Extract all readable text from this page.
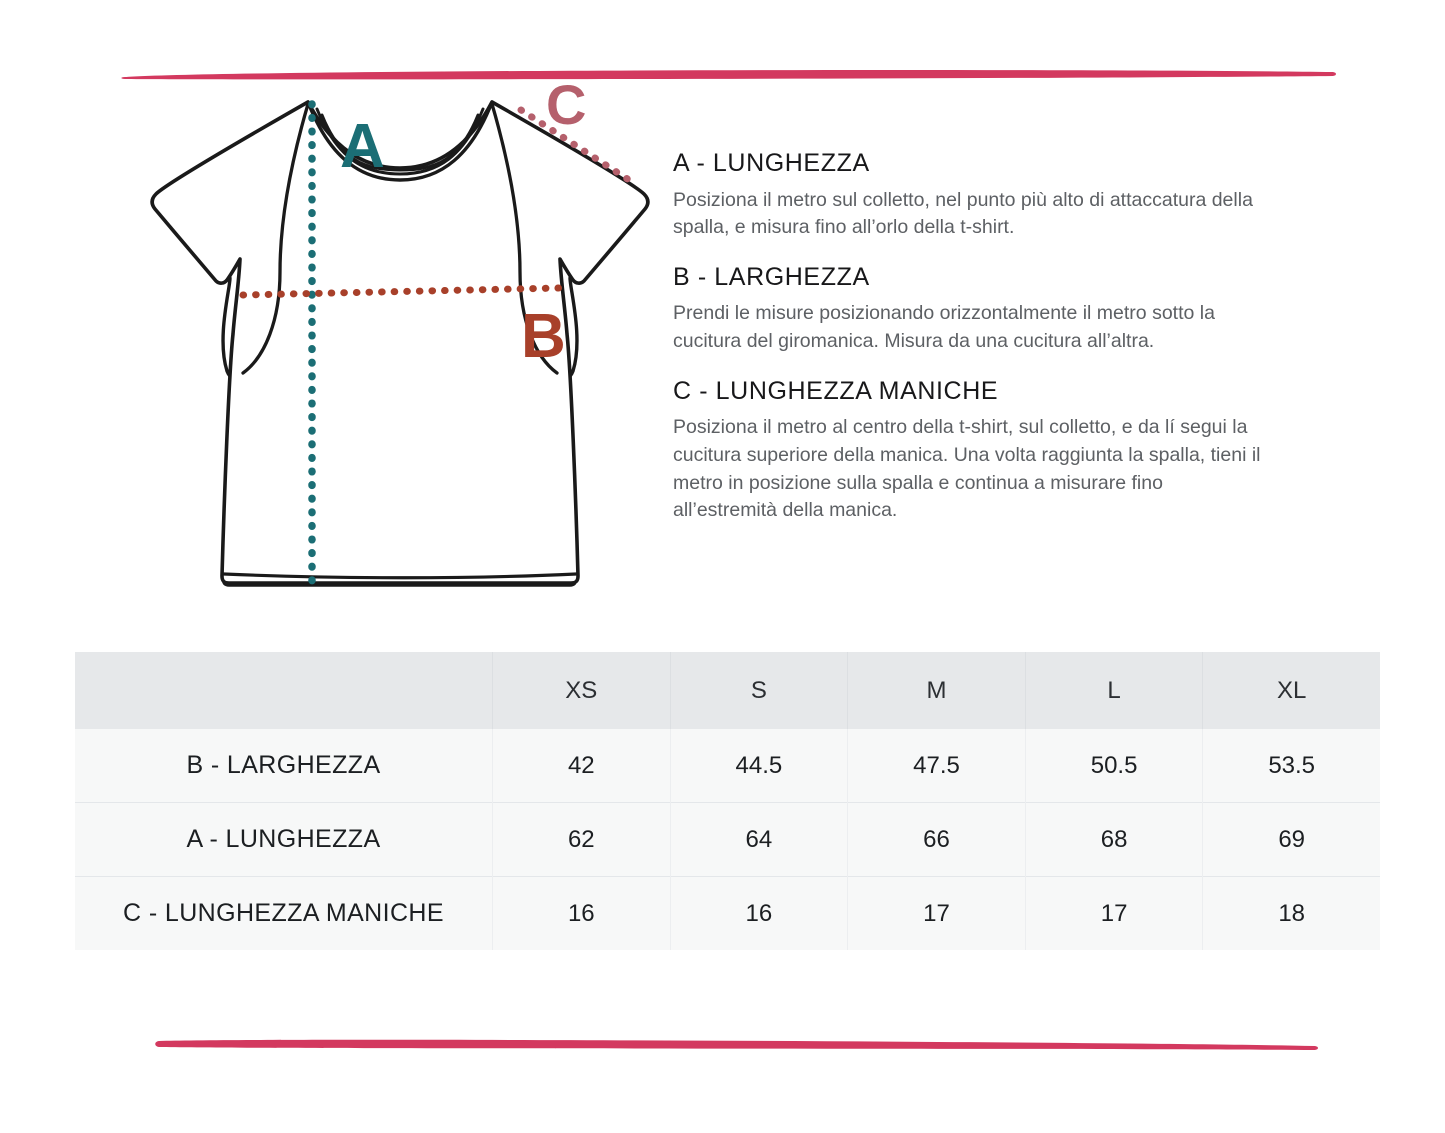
A
B
C
A - LUNGHEZZA

Posiziona il metro sul colletto, nel punto più alto di attaccatura della spalla, e misura fino all’orlo della t-shirt.

B - LARGHEZZA

Prendi le misure posizionando orizzontalmente il metro sotto la cucitura del giromanica. Misura da una cucitura all’altra.

C - LUNGHEZZA MANICHE

Posiziona il metro al centro della t-shirt, sul colletto, e da lí segui la cucitura superiore della manica. Una volta raggiunta la spalla, tieni il metro in posizione sulla spalla e continua a misurare fino all’estremità della manica.

	XS	S	M	L	XL
B - LARGHEZZA	42	44.5	47.5	50.5	53.5
A - LUNGHEZZA	62	64	66	68	69
C - LUNGHEZZA MANICHE	16	16	17	17	18
